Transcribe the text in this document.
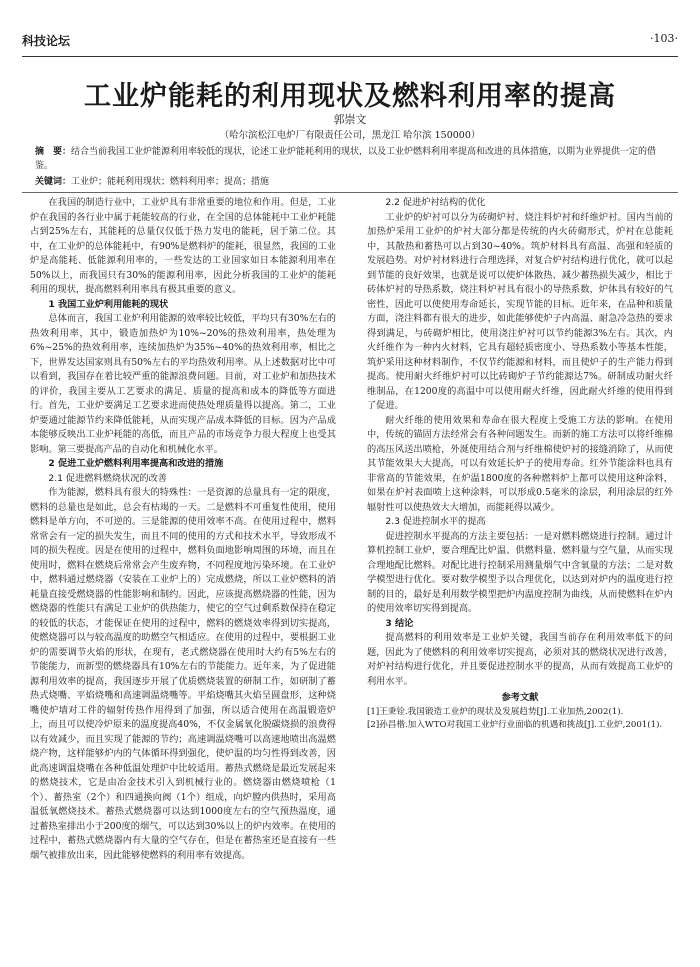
科技论坛	·103·
工业炉能耗的利用现状及燃料利用率的提高
郭崇文
（哈尔滨松江电炉厂有限责任公司，黑龙江 哈尔滨 150000）
摘　要：结合当前我国工业炉能源利用率较低的现状，论述工业炉能耗利用的现状，以及工业炉燃料利用率提高和改进的具体措施，以期为业界提供一定的借鉴。
关键词：工业炉；能耗利用现状；燃料利用率；提高；措施

在我国的制造行业中，工业炉具有非常重要的地位和作用。但是，工业炉在我国的各行业中属于耗能较高的行业，在全国的总体能耗中工业炉耗能占到25%左右，其能耗的总量仅仅低于热力发电的能耗，居于第二位。其中，在工业炉的总体能耗中，有90%是燃料炉的能耗，很显然，我国的工业炉是高能耗、低能源利用率的，一些发达的工业国家如日本能源利用率在50%以上，而我国只有30%的能源利用率，因此分析我国的工业炉的能耗利用的现状，提高燃料利用率具有极其重要的意义。

1 我国工业炉利用能耗的现状

总体而言，我国工业炉利用能源的效率较比较低，平均只有30%左右的热效利用率，其中，锻造加热炉为10%~20%的热效利用率，热处理为6%~25%的热效利用率，连续加热炉为35%~40%的热效利用率，相比之下，世界发达国家则具有50%左右的平均热效利用率。从上述数据对比中可以看到，我国存在着比较严重的能源浪费问题。目前，对工业炉和加热技术的评价，我国主要从工艺要求的满足、质量的提高和成本的降低等方面进行。首先，工业炉要满足工艺要求进而使热处理质量得以提高。第二，工业炉要通过能源节约来降低能耗，从而实现产品成本降低的目标。因为产品成本能够反映出工业炉耗能的高低，而且产品的市场竞争力很大程度上也受其影响。第三要提高产品的自动化和机械化水平。

2 促进工业炉燃料利用率提高和改进的措施
2.1 促进燃料燃烧状况的改善

作为能源，燃料具有很大的特殊性：一是资源的总量具有一定的限度，燃料的总量也是如此，总会有枯竭的一天。二是燃料不可重复性使用，使用燃料是单方向，不可逆的。三是能源的使用效率不高。在使用过程中，燃料常常会有一定的损失发生，而且不同的使用的方式和技术水平，导致形成不同的损失程度。因是在使用的过程中，燃料负面地影响周围的环境，而且在使用时，燃料在燃烧后常常会产生废弃物，不同程度地污染环境。在工业炉中，燃料通过燃烧器（安装在工业炉上的）完成燃烧，所以工业炉燃料的消耗量直接受燃烧器的性能影响和制约。因此，应该提高燃烧器的性能，因为燃烧器的性能只有满足工业炉的供热能力，使它的空气过剩系数保持在稳定的较低的状态，才能保证在使用的过程中，燃料的燃烧效率得到切实提高，使燃烧器可以与较高温度的助燃空气相适应。在使用的过程中，要根据工业炉的需要调节火焰的形状，在现有，老式燃烧器在使用时大约有5%左右的节能能力，而新型的燃烧器具有10%左右的节能能力。近年来，为了促进能源利用效率的提高，我国逐步开展了优质燃烧装置的研制工作，如研制了蓄热式烧嘴、平焰烧嘴和高速调温烧嘴等。平焰烧嘴其火焰呈圆盘形，这种烧嘴使炉墙对工件的辐射传热作用得到了加强，所以适合使用在高温锻造炉上，而且可以使冷炉原来的温度提高40%，不仅金属氧化脱碳烧损的浪费得以有效减少，而且实现了能源的节约；高速调温烧嘴可以高速地喷出高温燃烧产物，这样能够炉内的气体循环得到强化，使炉温的均匀性得到改善，因此高速调温烧嘴在各种低温处理炉中比较适用。蓄热式燃烧是最近发展起来的燃烧技术，它是由冶金技术引入到机械行业的。燃烧器由燃烧喷枪（1个）、蓄热室（2个）和四通换向阀（1个）组成，向炉膛内供热时，采用高温低氧燃烧技术。蓄热式燃烧器可以达到1000度左右的空气预热温度，通过蓄热室排出小于200度的烟气，可以达到30%以上的炉内效率。在使用的过程中，蓄热式燃烧器内有大量的空气存在，但是在蓄热室还是直接有一些烟气被排放出来，因此能够使燃料的利用率有效提高。

2.2 促进炉衬结构的优化

工业炉的炉衬可以分为砖砌炉衬、烧注料炉衬和纤维炉衬。国内当前的加热炉采用工业炉的炉衬大部分都是传统的内火砖砌形式，炉衬在总能耗中，其散热和蓄热可以占到30~40%。筑炉材料具有高温、高强和轻质的发展趋势。对炉衬材料进行合理选择，对复合炉衬结构进行优化，就可以起到节能的良好效果，也就是说可以使炉体散热、减少蓄热损失减少，相比于砖体炉衬的导热系数，烧注料炉衬具有很小的导热系数，炉体具有较好的气密性，因此可以使使用寿命延长，实现节能的目标。近年来，在品种和质量方面，浇注料都有很大的进步，如此能够使炉子内高温、耐急冷急热的要求得到满足，与砖砌炉相比，使用浇注炉衬可以节约能源3%左右。其次，内火纤维作为一种内火材料，它具有超轻质密度小、导热系数小等基本性能，筑炉采用这种材料制作，不仅节约能源和材料，而且使炉子的生产能力得到提高。使用耐火纤维炉衬可以比砖砌炉子节约能源达7%。研制成功耐火纤维制品，在1200度的高温中可以使用耐火纤维，因此耐火纤维的使用得到了促进。

耐火纤维的使用效果和寿命在很大程度上受施工方法的影响。在使用中，传统的锚固方法经常会有各种问题发生。而新的施工方法可以将纤维棉的高压风送出喷枪，外涎使用结合剂与纤维棉使炉衬的接缝消除了，从而使其节能效果大大提高，可以有效延长炉子的使用寿命。红外节能涂料也具有非常高的节能效果，在炉温1800度的各种燃料炉上都可以使用这种涂料，如果在炉衬表面喷上这种涂料，可以形成0.5毫米的涂层，利用涂层的红外辐射性可以使热效大大增加，而能耗得以减少。

2.3 促进控制水平的提高

促进控制水平提高的方法主要包括：一是对燃料燃烧进行控制。通过计算机控制工业炉，要合理配比炉温、供燃料量、燃料量与空气量，从而实现合理地配比燃料。对配比进行控制采用测量烟气中含氧量的方法；二是对数学模型进行优化。要对数学模型予以合理优化，以达到对炉内的温度进行控制的目的，最好是利用数学模型把炉内温度控制为曲线，从而使燃料在炉内的使用效率切实得到提高。

3 结论

提高燃料的利用效率是工业炉关键，我国当前存在利用效率低下的问题，因此为了使燃料的利用效率切实提高，必须对其的燃烧状况进行改善，对炉衬结构进行优化，并且要促进控制水平的提高，从而有效提高工业炉的利用水平。

参考文献
[1]王秉铨.我国锻造工业炉的现状及发展趋势[J].工业加热,2002(1).
[2]孙昌楷.加入WTO对我国工业炉行业面临的机遇和挑战[J].工业炉,2001(1).
